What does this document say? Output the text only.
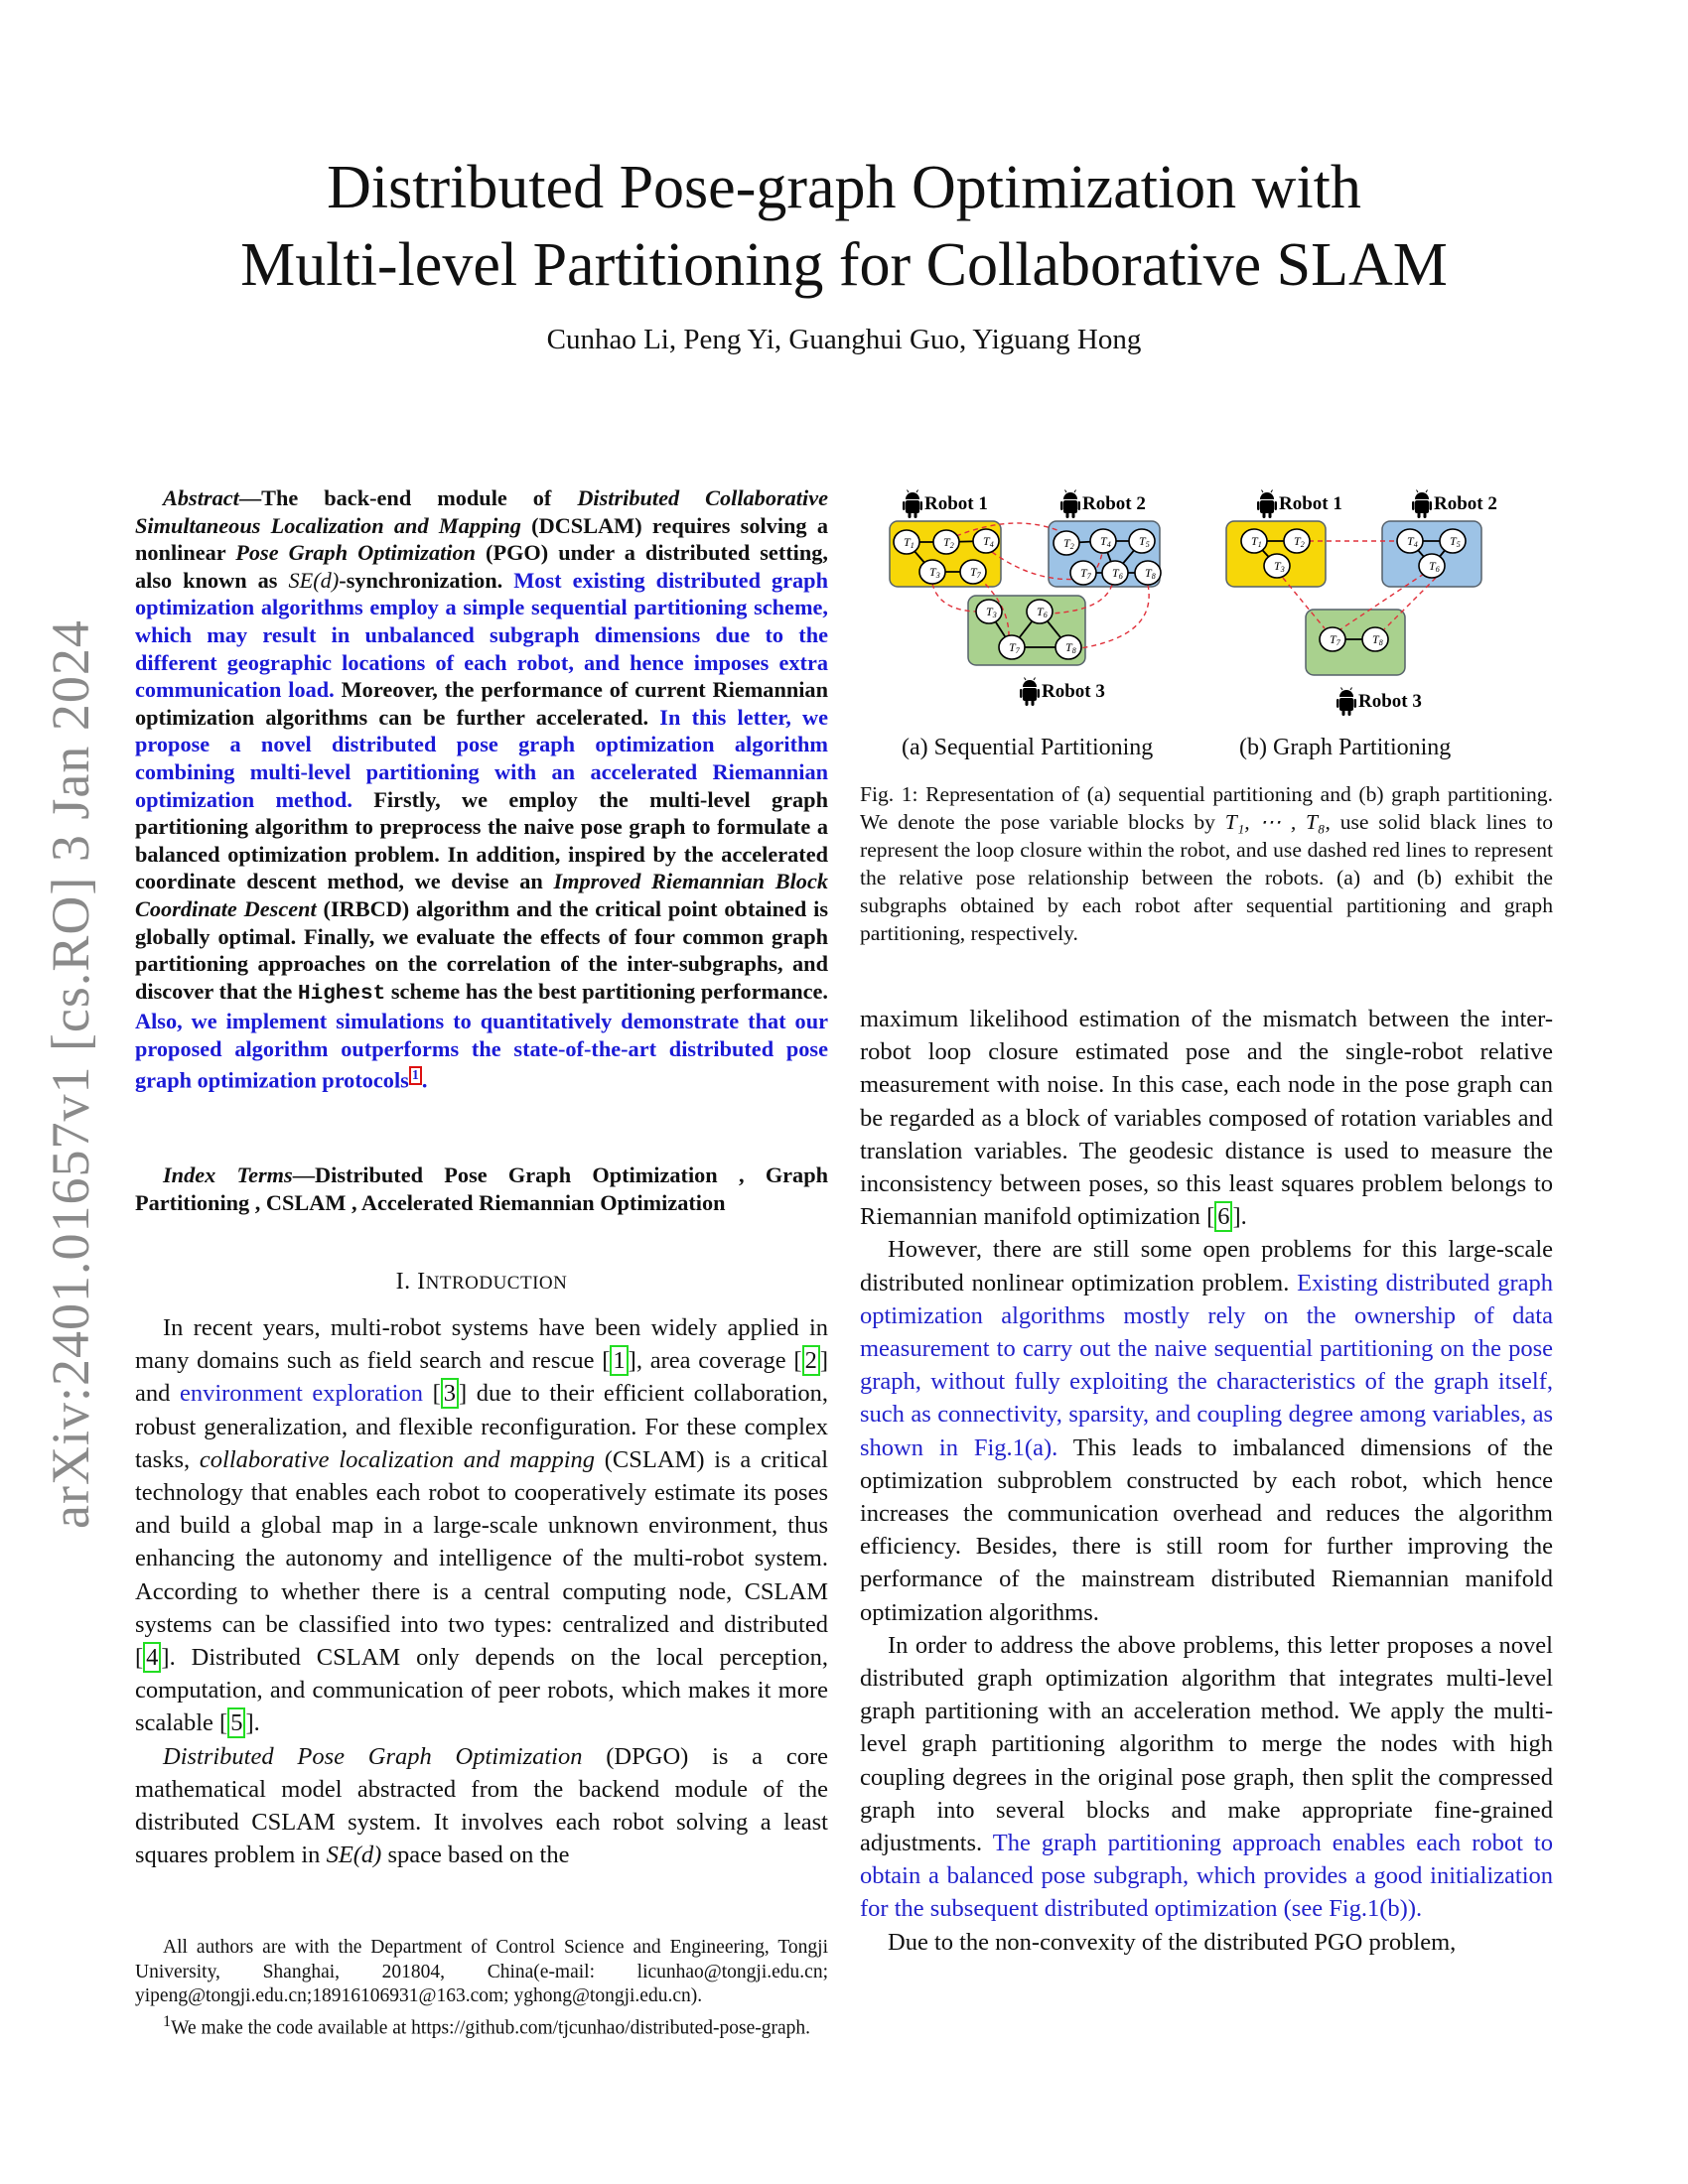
arXiv:2401.01657v1 [cs.RO] 3 Jan 2024
Distributed Pose-graph Optimization with
Multi-level Partitioning for Collaborative SLAM
Cunhao Li, Peng Yi, Guanghui Guo, Yiguang Hong
Abstract—The back-end module of Distributed Collaborative Simultaneous Localization and Mapping (DCSLAM) requires solving a nonlinear Pose Graph Optimization (PGO) under a distributed setting, also known as SE(d)-synchronization. Most existing distributed graph optimization algorithms employ a simple sequential partitioning scheme, which may result in unbalanced subgraph dimensions due to the different geographic locations of each robot, and hence imposes extra communication load. Moreover, the performance of current Riemannian optimization algorithms can be further accelerated. In this letter, we propose a novel distributed pose graph optimization algorithm combining multi-level partitioning with an accelerated Riemannian optimization method. Firstly, we employ the multi-level graph partitioning algorithm to preprocess the naive pose graph to formulate a balanced optimization problem. In addition, inspired by the accelerated coordinate descent method, we devise an Improved Riemannian Block Coordinate Descent (IRBCD) algorithm and the critical point obtained is globally optimal. Finally, we evaluate the effects of four common graph partitioning approaches on the correlation of the inter-subgraphs, and discover that the Highest scheme has the best partitioning performance. Also, we implement simulations to quantitatively demonstrate that our proposed algorithm outperforms the state-of-the-art distributed pose graph optimization protocols $^1$ .
Index Terms—Distributed Pose Graph Optimization , Graph Partitioning , CSLAM , Accelerated Riemannian Optimization
I. INTRODUCTION

In recent years, multi-robot systems have been widely applied in many domains such as field search and rescue [ 1 ], area coverage [ 2 ] and environment exploration [ 3 ] due to their efficient collaboration, robust generalization, and flexible reconfiguration. For these complex tasks, collaborative localization and mapping (CSLAM) is a critical technology that enables each robot to cooperatively estimate its poses and build a global map in a large-scale unknown environment, thus enhancing the autonomy and intelligence of the multi-robot system. According to whether there is a central computing node, CSLAM systems can be classified into two types: centralized and distributed [ 4 ]. Distributed CSLAM only depends on the local perception, computation, and communication of peer robots, which makes it more scalable [ 5 ].

Distributed Pose Graph Optimization (DPGO) is a core mathematical model abstracted from the backend module of the distributed CSLAM system. It involves each robot solving a least squares problem in SE(d) space based on the

All authors are with the Department of Control Science and Engineering, Tongji University, Shanghai, 201804, China(e-mail: licunhao@tongji.edu.cn; yipeng@tongji.edu.cn;18916106931@163.com; yghong@tongji.edu.cn).

$^1$We make the code available at https://github.com/tjcunhao/distributed-pose-graph.

T1 T2 T4
T3	T7
T2 T4 T5
T7 T6 T8
T3	T6
T7	T8
Robot 1	Robot 2
Robot 3
T1	T2
T3
T4	T5
T6
T7	T8
Robot 1	Robot 2
Robot 3
(a) Sequential Partitioning	(b) Graph Partitioning
Fig. 1: Representation of (a) sequential partitioning and (b) graph partitioning. We denote the pose variable blocks by T₁, ⋯ , T₈, use solid black lines to represent the loop closure within the robot, and use dashed red lines to represent the relative pose relationship between the robots. (a) and (b) exhibit the subgraphs obtained by each robot after sequential partitioning and graph partitioning, respectively.

maximum likelihood estimation of the mismatch between the inter-robot loop closure estimated pose and the single-robot relative measurement with noise. In this case, each node in the pose graph can be regarded as a block of variables composed of rotation variables and translation variables. The geodesic distance is used to measure the inconsistency between poses, so this least squares problem belongs to Riemannian manifold optimization [ 6 ].

However, there are still some open problems for this large-scale distributed nonlinear optimization problem. Existing distributed graph optimization algorithms mostly rely on the ownership of data measurement to carry out the naive sequential partitioning on the pose graph, without fully exploiting the characteristics of the graph itself, such as connectivity, sparsity, and coupling degree among variables, as shown in Fig.1(a). This leads to imbalanced dimensions of the optimization subproblem constructed by each robot, which hence increases the communication overhead and reduces the algorithm efficiency. Besides, there is still room for further improving the performance of the mainstream distributed Riemannian manifold optimization algorithms.

In order to address the above problems, this letter proposes a novel distributed graph optimization algorithm that integrates multi-level graph partitioning with an acceleration method. We apply the multi-level graph partitioning algorithm to merge the nodes with high coupling degrees in the original pose graph, then split the compressed graph into several blocks and make appropriate fine-grained adjustments. The graph partitioning approach enables each robot to obtain a balanced pose subgraph, which provides a good initialization for the subsequent distributed optimization (see Fig.1(b)).

Due to the non-convexity of the distributed PGO problem,
